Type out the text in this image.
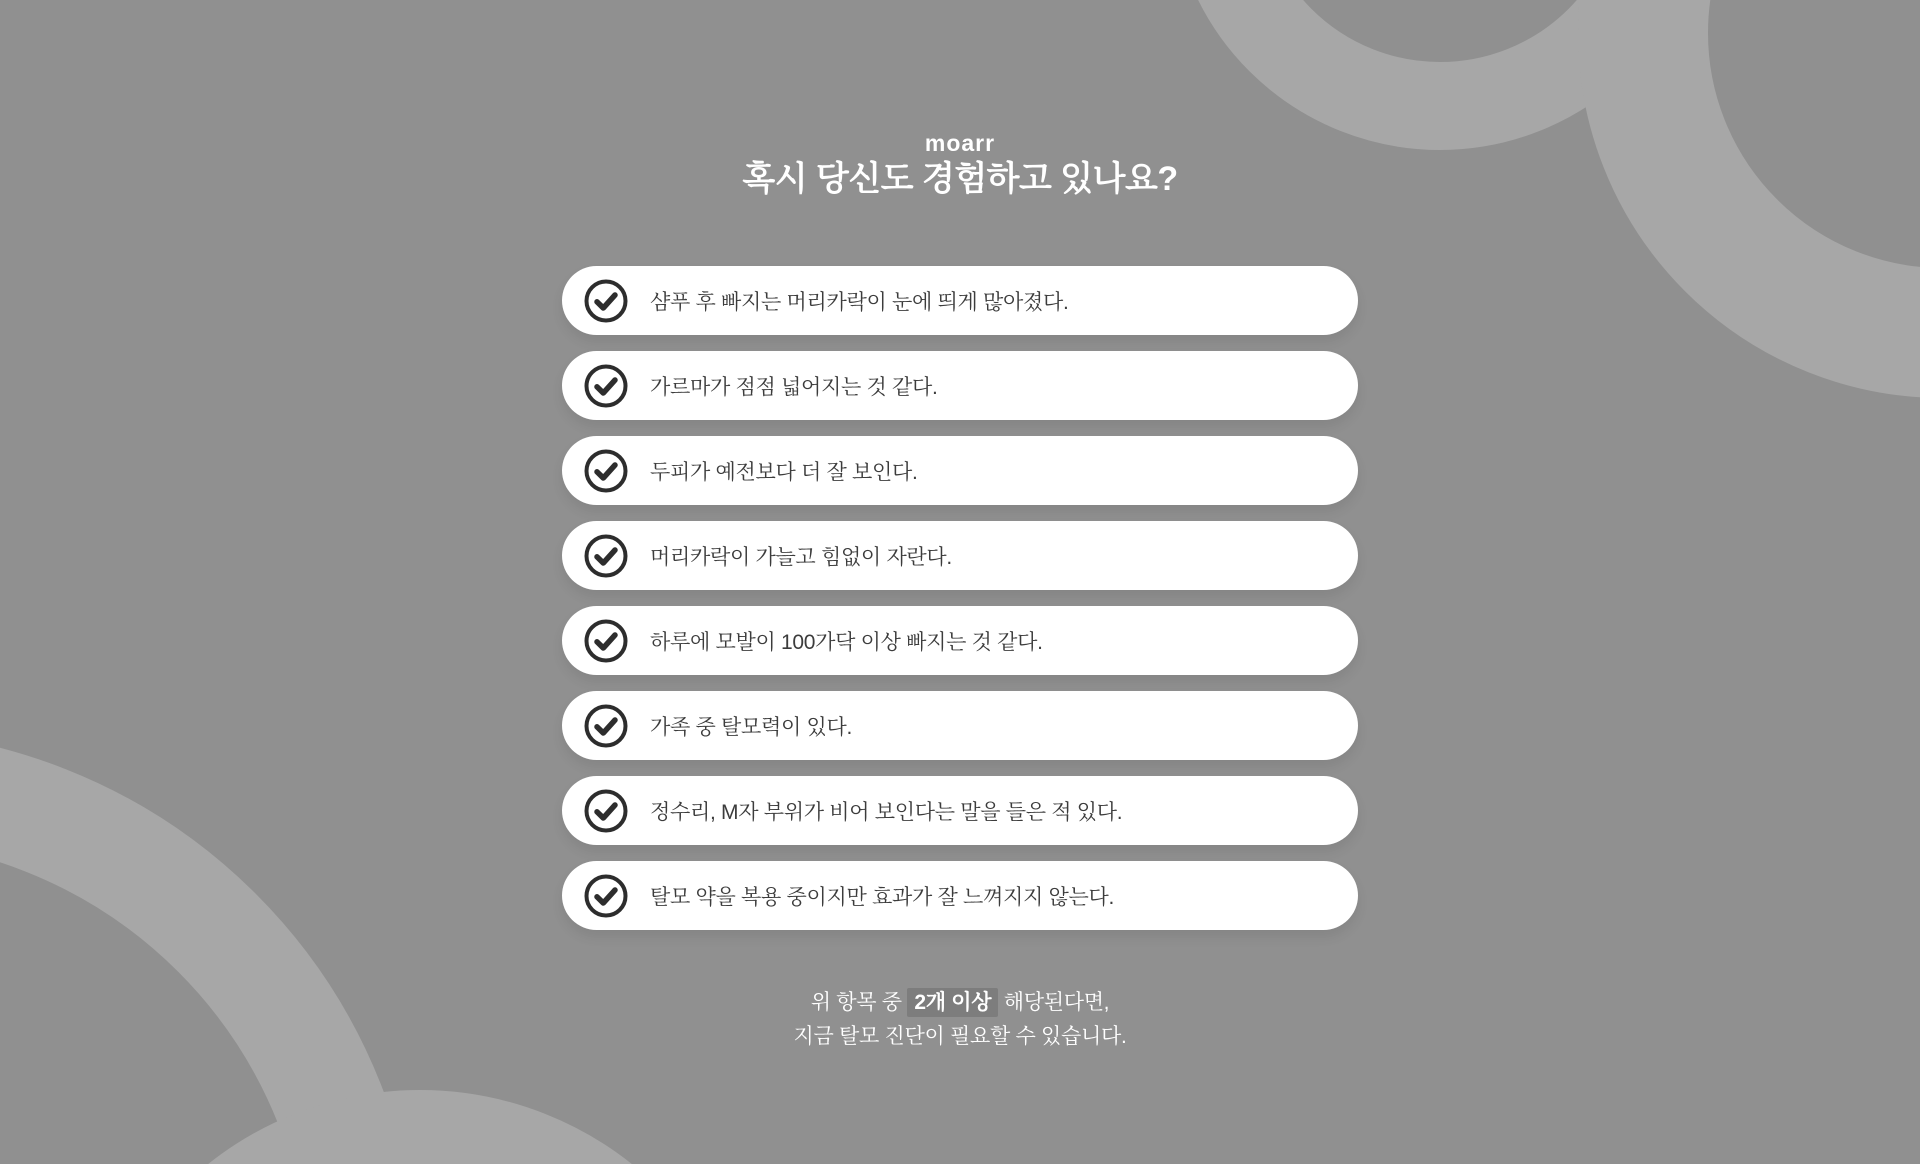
moarr
혹시 당신도 경험하고 있나요?
샴푸 후 빠지는 머리카락이 눈에 띄게 많아졌다.
가르마가 점점 넓어지는 것 같다.
두피가 예전보다 더 잘 보인다.
머리카락이 가늘고 힘없이 자란다.
하루에 모발이 100가닥 이상 빠지는 것 같다.
가족 중 탈모력이 있다.
정수리, M자 부위가 비어 보인다는 말을 들은 적 있다.
탈모 약을 복용 중이지만 효과가 잘 느껴지지 않는다.
위 항목 중 2개 이상 해당된다면,
지금 탈모 진단이 필요할 수 있습니다.
